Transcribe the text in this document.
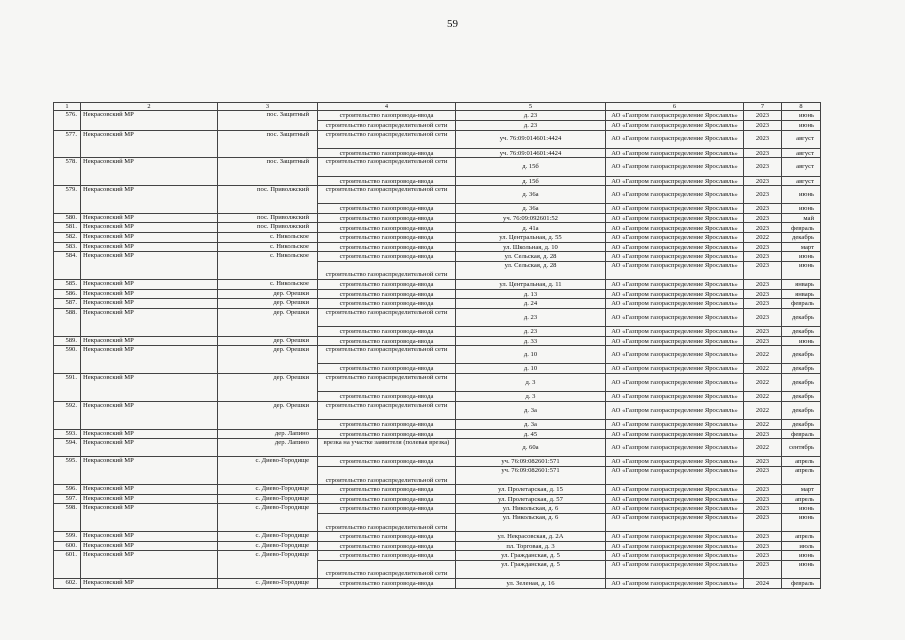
59
1	2	3	4	5	6	7	8
576.	Некрасовский МР	пос. Защитный	строительство газопровода-ввода	д. 23	АО «Газпром газораспределение Ярославль»	2023	июнь
			строительство газораспределительной сети	д. 23	АО «Газпром газораспределение Ярославль»	2023	июнь
577.	Некрасовский МР	пос. Защитный	строительство газораспределительной сети	уч. 76:09:014601:4424	АО «Газпром газораспределение Ярославль»	2023	август
			строительство газопровода-ввода	уч. 76:09:014601:4424	АО «Газпром газораспределение Ярославль»	2023	август
578.	Некрасовский МР	пос. Защитный	строительство газораспределительной сети	д. 15б	АО «Газпром газораспределение Ярославль»	2023	август
			строительство газопровода-ввода	д. 15б	АО «Газпром газораспределение Ярославль»	2023	август
579.	Некрасовский МР	пос. Приволжский	строительство газораспределительной сети	д. 36а	АО «Газпром газораспределение Ярославль»	2023	июнь
			строительство газопровода-ввода	д. 36а	АО «Газпром газораспределение Ярославль»	2023	июнь
580.	Некрасовский МР	пос. Приволжский	строительство газопровода-ввода	уч. 76:09:092601:52	АО «Газпром газораспределение Ярославль»	2023	май
581.	Некрасовский МР	пос. Приволжский	строительство газопровода-ввода	д. 41а	АО «Газпром газораспределение Ярославль»	2023	февраль
582.	Некрасовский МР	с. Никольское	строительство газопровода-ввода	ул. Центральная, д. 55	АО «Газпром газораспределение Ярославль»	2022	декабрь
583.	Некрасовский МР	с. Никольское	строительство газопровода-ввода	ул. Школьная, д. 10	АО «Газпром газораспределение Ярославль»	2023	март
584.	Некрасовский МР	с. Никольское	строительство газопровода-ввода	ул. Сельская, д. 28	АО «Газпром газораспределение Ярославль»	2023	июнь
			строительство газораспределительной сети	ул. Сельская, д. 28	АО «Газпром газораспределение Ярославль»	2023	июнь
585.	Некрасовский МР	с. Никольское	строительство газопровода-ввода	ул. Центральная, д. 11	АО «Газпром газораспределение Ярославль»	2023	январь
586.	Некрасовский МР	дер. Орешки	строительство газопровода-ввода	д. 13	АО «Газпром газораспределение Ярославль»	2023	январь
587.	Некрасовский МР	дер. Орешки	строительство газопровода-ввода	д. 24	АО «Газпром газораспределение Ярославль»	2023	февраль
588.	Некрасовский МР	дер. Орешки	строительство газораспределительной сети	д. 23	АО «Газпром газораспределение Ярославль»	2023	декабрь
			строительство газопровода-ввода	д. 23	АО «Газпром газораспределение Ярославль»	2023	декабрь
589.	Некрасовский МР	дер. Орешки	строительство газопровода-ввода	д. 33	АО «Газпром газораспределение Ярославль»	2023	июнь
590.	Некрасовский МР	дер. Орешки	строительство газораспределительной сети	д. 10	АО «Газпром газораспределение Ярославль»	2022	декабрь
			строительство газопровода-ввода	д. 10	АО «Газпром газораспределение Ярославль»	2022	декабрь
591.	Некрасовский МР	дер. Орешки	строительство газораспределительной сети	д. 3	АО «Газпром газораспределение Ярославль»	2022	декабрь
			строительство газопровода-ввода	д. 3	АО «Газпром газораспределение Ярославль»	2022	декабрь
592.	Некрасовский МР	дер. Орешки	строительство газораспределительной сети	д. 3а	АО «Газпром газораспределение Ярославль»	2022	декабрь
			строительство газопровода-ввода	д. 3а	АО «Газпром газораспределение Ярославль»	2022	декабрь
593.	Некрасовский МР	дер. Лапино	строительство газопровода-ввода	д. 45	АО «Газпром газораспределение Ярославль»	2023	февраль
594.	Некрасовский МР	дер. Лапино	врезка на участке заявителя (полевая врезка)	д. 60а	АО «Газпром газораспределение Ярославль»	2022	сентябрь
595.	Некрасовский МР	с. Диево-Городище	строительство газопровода-ввода	уч. 76:09:082601:571	АО «Газпром газораспределение Ярославль»	2023	апрель
			строительство газораспределительной сети	уч. 76:09:082601:571	АО «Газпром газораспределение Ярославль»	2023	апрель
596.	Некрасовский МР	с. Диево-Городище	строительство газопровода-ввода	ул. Пролетарская, д. 15	АО «Газпром газораспределение Ярославль»	2023	март
597.	Некрасовский МР	с. Диево-Городище	строительство газопровода-ввода	ул. Пролетарская, д. 57	АО «Газпром газораспределение Ярославль»	2023	апрель
598.	Некрасовский МР	с. Диево-Городище	строительство газопровода-ввода	ул. Никольская, д. 6	АО «Газпром газораспределение Ярославль»	2023	июнь
			строительство газораспределительной сети	ул. Никольская, д. 6	АО «Газпром газораспределение Ярославль»	2023	июнь
599.	Некрасовский МР	с. Диево-Городище	строительство газопровода-ввода	ул. Некрасовская, д. 2А	АО «Газпром газораспределение Ярославль»	2023	апрель
600.	Некрасовский МР	с. Диево-Городище	строительство газопровода-ввода	пл. Торговая, д. 3	АО «Газпром газораспределение Ярославль»	2023	июль
601.	Некрасовский МР	с. Диево-Городище	строительство газопровода-ввода	ул. Гражданская, д. 5	АО «Газпром газораспределение Ярославль»	2023	июнь
			строительство газораспределительной сети	ул. Гражданская, д. 5	АО «Газпром газораспределение Ярославль»	2023	июнь
602.	Некрасовский МР	с. Диево-Городище	строительство газопровода-ввода	ул. Зеленая, д. 16	АО «Газпром газораспределение Ярославль»	2024	февраль
